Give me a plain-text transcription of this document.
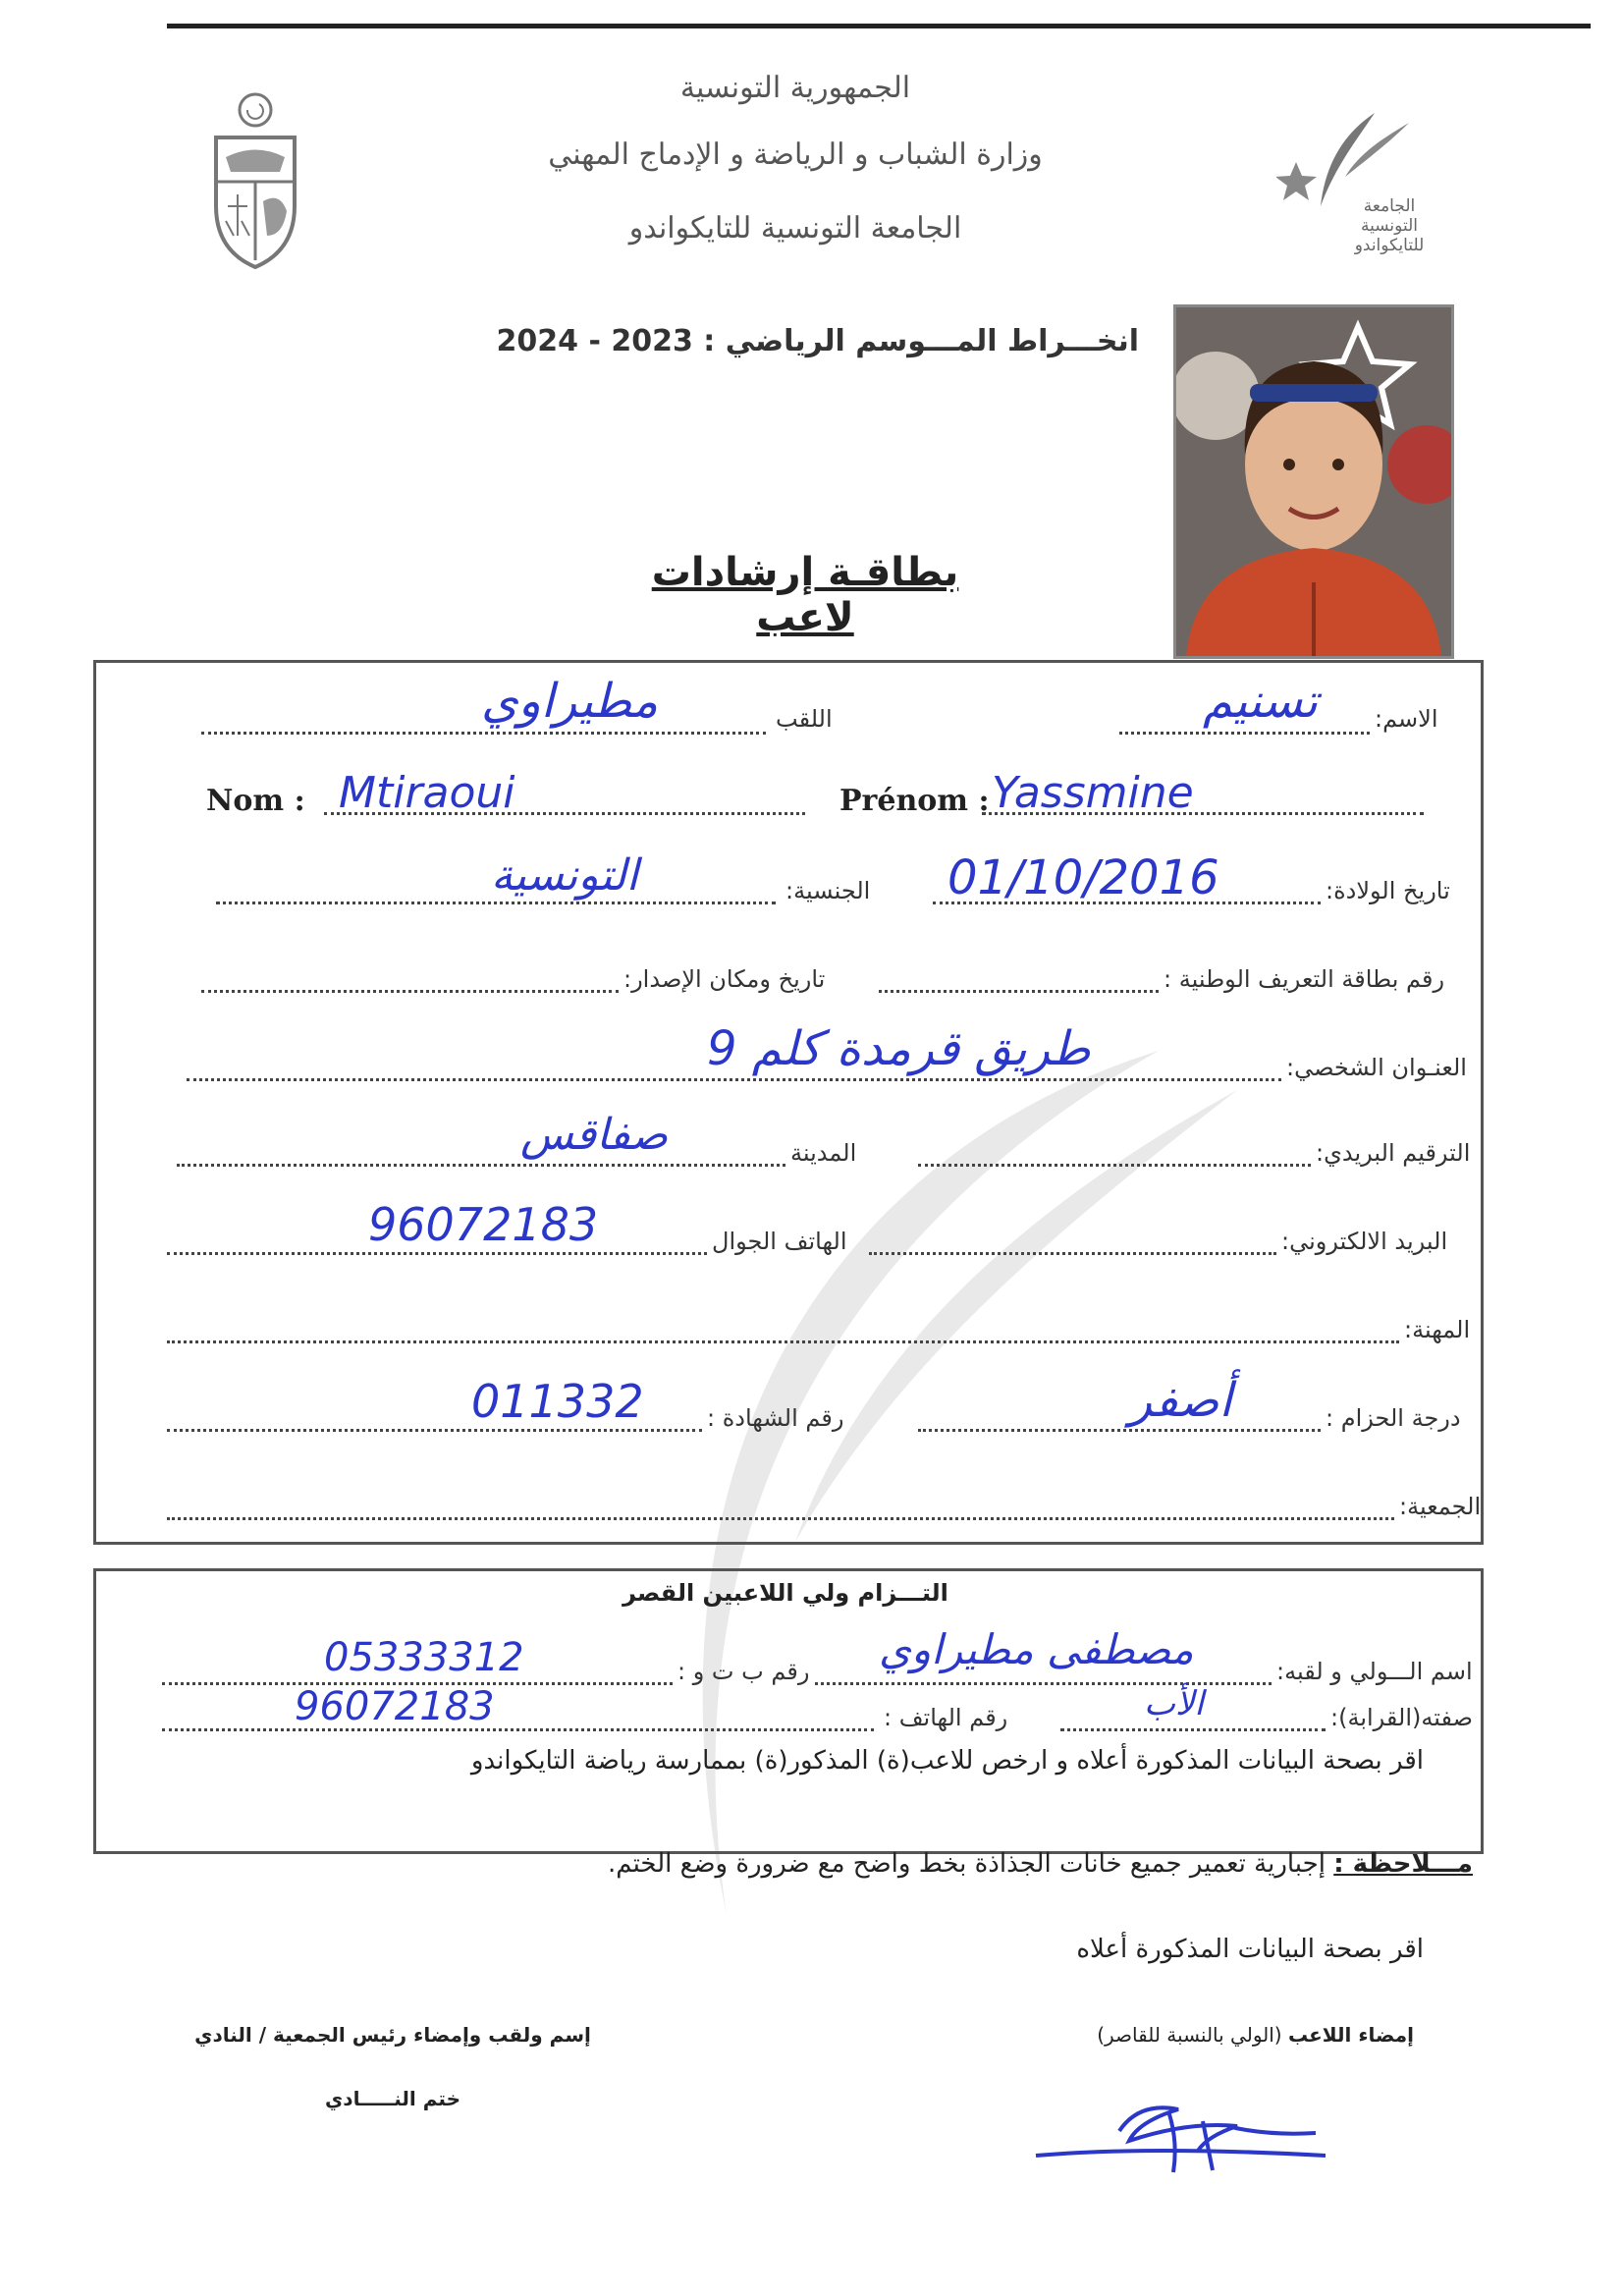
الجامعة
التونسية
للتايكواندو
الجمهورية التونسية
وزارة الشباب و الرياضة و الإدماج المهني
الجامعة التونسية للتايكواندو
2024 - 2023 انخـــراط المـــوسم الرياضي :
بطاقـة إرشادات لاعب
الاسم:
تسنيم
اللقب
مطيراوي
Nom : Mtiraoui	Prénom : Yassmine
تاريخ الولادة:
01/10/2016
الجنسية:
التونسية
رقم بطاقة التعريف الوطنية :
تاريخ ومكان الإصدار:
العنـوان الشخصي:
طريق قرمدة كلم 9
الترقيم البريدي:
المدينة
صفاقس
البريد الالكتروني:
الهاتف الجوال
96072183
المهنة:
درجة الحزام :
أصفر
رقم الشهادة :
011332
الجمعية:
التـــزام ولي اللاعبين القصر
اسم الـــولي و لقبه:
مصطفى مطيراوي
رقم ب ت و :
05333312
صفته(القرابة):
الأب
رقم الهاتف :
96072183
اقر بصحة البيانات المذكورة أعلاه و ارخص للاعب(ة) المذكور(ة) بممارسة رياضة التايكواندو
مـــلاحظة : إجبارية تعمير جميع خانات الجذاذة بخط واضح مع ضرورة وضع الختم.
اقر بصحة البيانات المذكورة أعلاه
إمضاء اللاعب (الولي بالنسبة للقاصر)
إسم ولقب وإمضاء رئيس الجمعية / النادي
ختم النـــــادي
